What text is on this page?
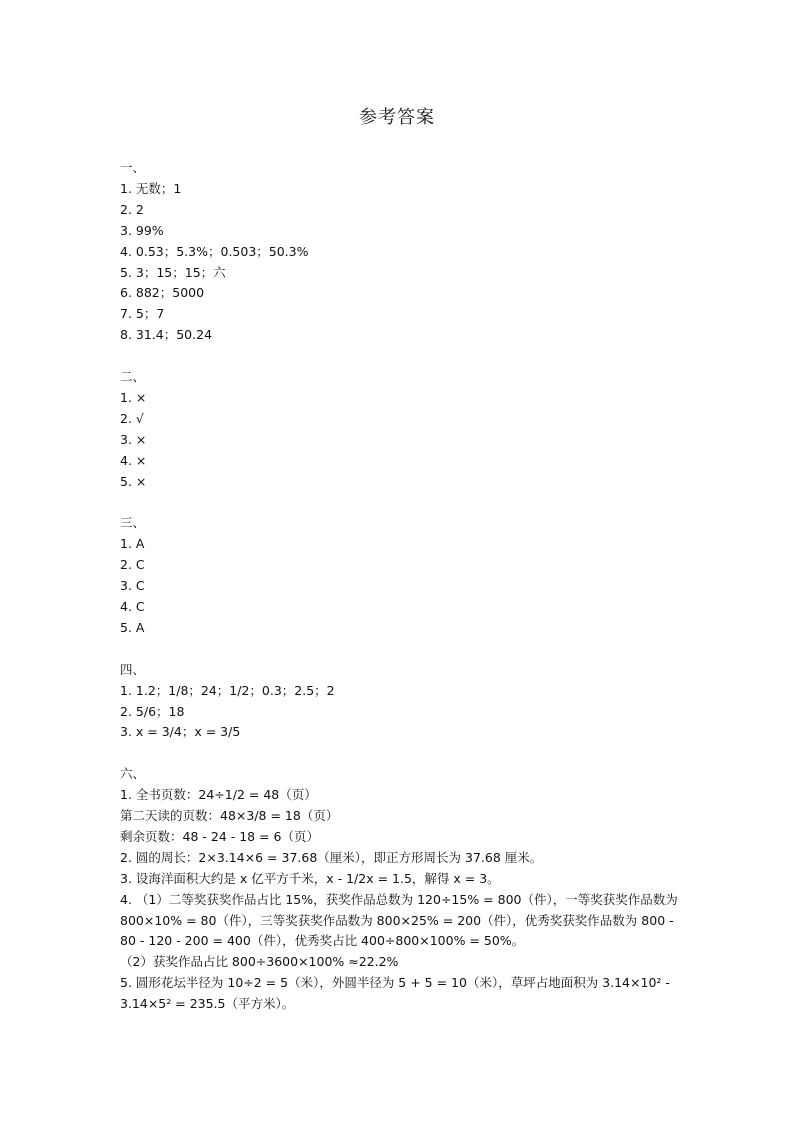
参考答案
一、
1. 无数；1
2. 2
3. 99%
4. 0.53；5.3%；0.503；50.3%
5. 3；15；15；六
6. 882；5000
7. 5；7
8. 31.4；50.24
二、
1. ×
2. √
3. ×
4. ×
5. ×
三、
1. A
2. C
3. C
4. C
5. A
四、
1. 1.2；1/8；24；1/2；0.3；2.5；2
2. 5/6；18
3. x = 3/4；x = 3/5
六、
1. 全书页数：24÷1/2 = 48（页）
第二天读的页数：48×3/8 = 18（页）
剩余页数：48 - 24 - 18 = 6（页）
2. 圆的周长：2×3.14×6 = 37.68（厘米），即正方形周长为 37.68 厘米。
3. 设海洋面积大约是 x 亿平方千米，x - 1/2x = 1.5，解得 x = 3。
4. （1）二等奖获奖作品占比 15%，获奖作品总数为 120÷15% = 800（件），一等奖获奖作品数为 800×10% = 80（件），三等奖获奖作品数为 800×25% = 200（件），优秀奖获奖作品数为 800 - 80 - 120 - 200 = 400（件），优秀奖占比 400÷800×100% = 50%。
（2）获奖作品占比 800÷3600×100% ≈22.2%
5. 圆形花坛半径为 10÷2 = 5（米），外圆半径为 5 + 5 = 10（米），草坪占地面积为 3.14×10² - 3.14×5² = 235.5（平方米）。
